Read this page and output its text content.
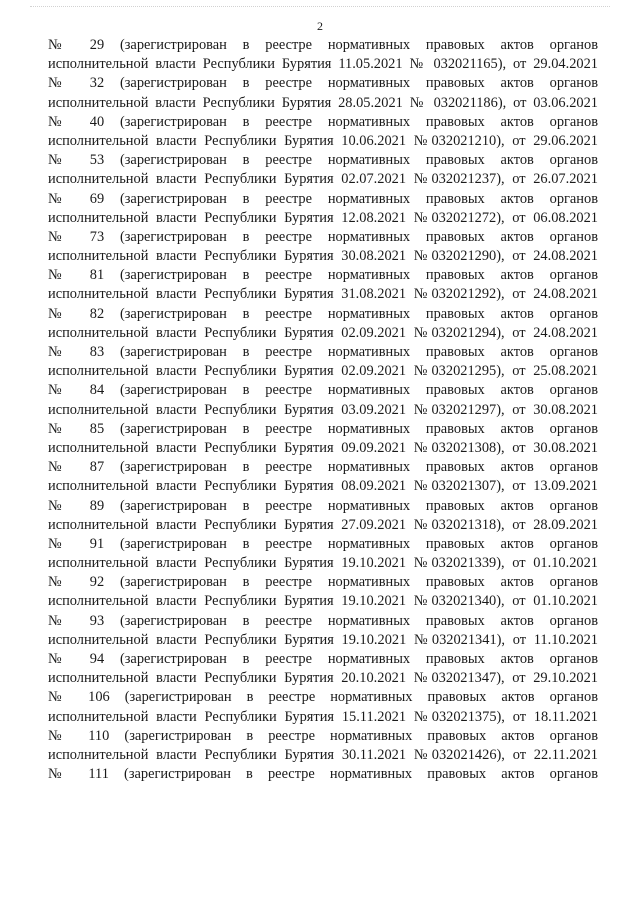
2
№ 29 (зарегистрирован в реестре нормативных правовых актов органов
исполнительной власти Республики Бурятия 11.05.2021 № 032021165), от 29.04.2021
№ 32 (зарегистрирован в реестре нормативных правовых актов органов
исполнительной власти Республики Бурятия 28.05.2021 № 032021186), от 03.06.2021
№ 40 (зарегистрирован в реестре нормативных правовых актов органов
исполнительной власти Республики Бурятия 10.06.2021 №032021210), от 29.06.2021
№ 53 (зарегистрирован в реестре нормативных правовых актов органов
исполнительной власти Республики Бурятия 02.07.2021 №032021237), от 26.07.2021
№ 69 (зарегистрирован в реестре нормативных правовых актов органов
исполнительной власти Республики Бурятия 12.08.2021 №032021272), от 06.08.2021
№ 73 (зарегистрирован в реестре нормативных правовых актов органов
исполнительной власти Республики Бурятия 30.08.2021 №032021290), от 24.08.2021
№ 81 (зарегистрирован в реестре нормативных правовых актов органов
исполнительной власти Республики Бурятия 31.08.2021 №032021292), от 24.08.2021
№ 82 (зарегистрирован в реестре нормативных правовых актов органов
исполнительной власти Республики Бурятия 02.09.2021 №032021294), от 24.08.2021
№ 83 (зарегистрирован в реестре нормативных правовых актов органов
исполнительной власти Республики Бурятия 02.09.2021 №032021295), от 25.08.2021
№ 84 (зарегистрирован в реестре нормативных правовых актов органов
исполнительной власти Республики Бурятия 03.09.2021 №032021297), от 30.08.2021
№ 85 (зарегистрирован в реестре нормативных правовых актов органов
исполнительной власти Республики Бурятия 09.09.2021 №032021308), от 30.08.2021
№ 87 (зарегистрирован в реестре нормативных правовых актов органов
исполнительной власти Республики Бурятия 08.09.2021 №032021307), от 13.09.2021
№ 89 (зарегистрирован в реестре нормативных правовых актов органов
исполнительной власти Республики Бурятия 27.09.2021 №032021318), от 28.09.2021
№ 91 (зарегистрирован в реестре нормативных правовых актов органов
исполнительной власти Республики Бурятия 19.10.2021 №032021339), от 01.10.2021
№ 92 (зарегистрирован в реестре нормативных правовых актов органов
исполнительной власти Республики Бурятия 19.10.2021 №032021340), от 01.10.2021
№ 93 (зарегистрирован в реестре нормативных правовых актов органов
исполнительной власти Республики Бурятия 19.10.2021 №032021341), от 11.10.2021
№ 94 (зарегистрирован в реестре нормативных правовых актов органов
исполнительной власти Республики Бурятия 20.10.2021 №032021347), от 29.10.2021
№ 106 (зарегистрирован в реестре нормативных правовых актов органов
исполнительной власти Республики Бурятия 15.11.2021 №032021375), от 18.11.2021
№ 110 (зарегистрирован в реестре нормативных правовых актов органов
исполнительной власти Республики Бурятия 30.11.2021 №032021426), от 22.11.2021
№ 111 (зарегистрирован в реестре нормативных правовых актов органов
